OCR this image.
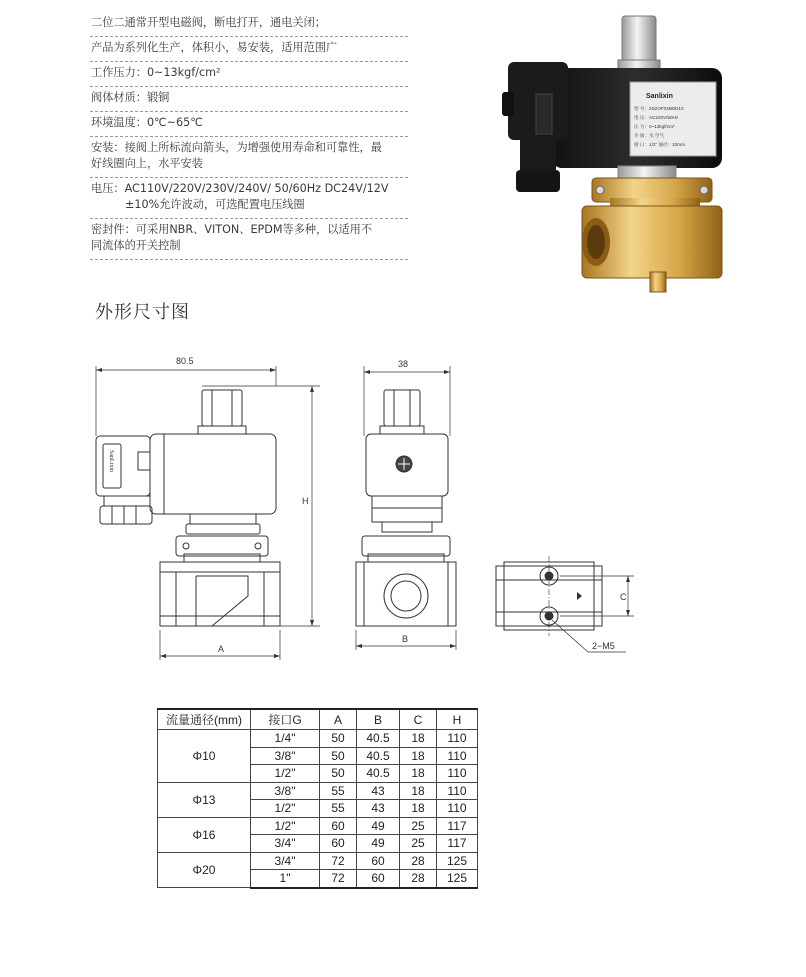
二位二通常开型电磁阀，断电打开，通电关闭；
产品为系列化生产，体积小，易安装，适用范围广
工作压力：0~13kgf/cm²
阀体材质：锻铜
环境温度：0℃~65℃
安装：接阀上所标流向箭头，为增强使用寿命和可靠性，最
好线圈向上，水平安装
电压：AC110V/220V/230V/240V/ 50/60Hz DC24V/12V
±10%允许波动，可选配置电压线圈
密封件：可采用NBR、VITON、EPDM等多种，以适用不
同流体的开关控制
Sanlixin
型 号：2S2OF03M0D10
电 压：AC220V/50Hz
压 力：0~13kgf/cm²
介 质：水 空气
接 口：1/2" 通径：10mm
外形尺寸图
80.5
H
SanLixin
A
38
B
C
2−M5
流量通径(mm)	接口G	A	B	C	H
Φ10	1/4"	50	40.5	18	110
	3/8"	50	40.5	18	110
	1/2"	50	40.5	18	110
Φ13	3/8"	55	43	18	110
	1/2"	55	43	18	110
Φ16	1/2"	60	49	25	117
	3/4"	60	49	25	117
Φ20	3/4"	72	60	28	125
	1"	72	60	28	125
